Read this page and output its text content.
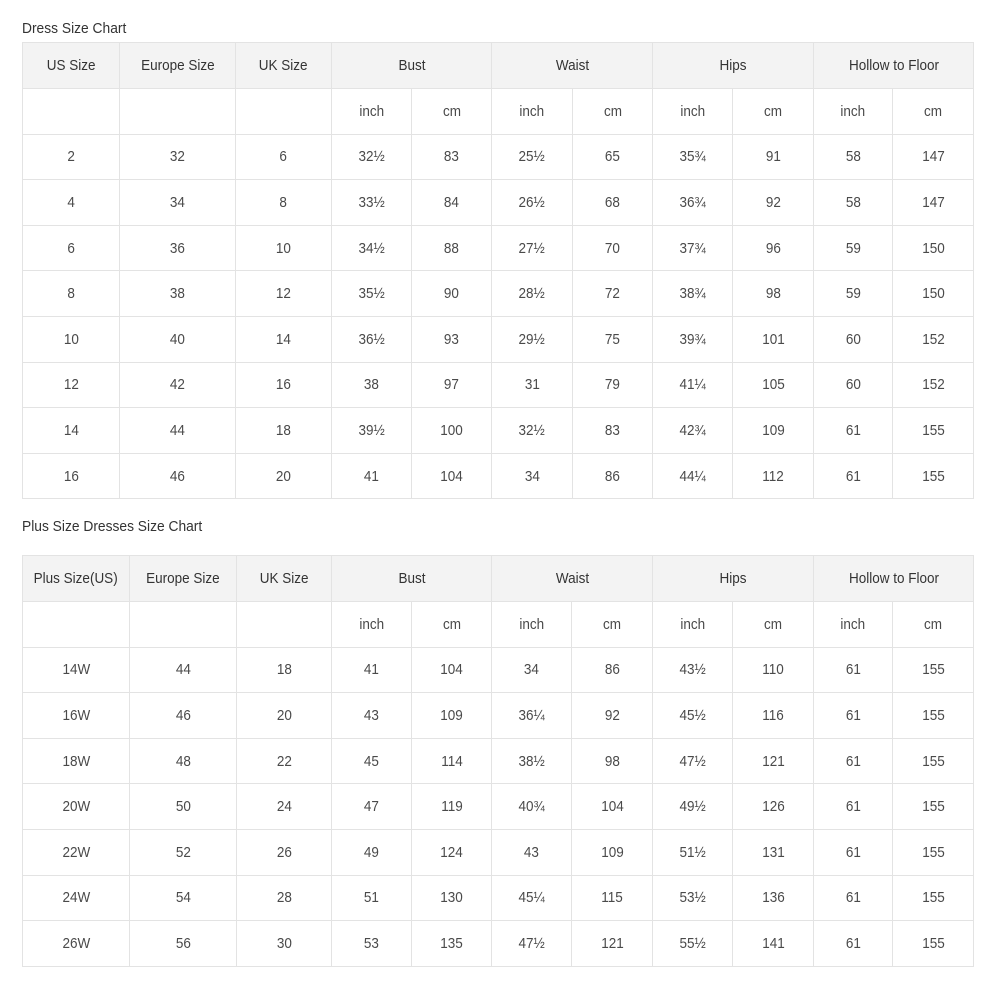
Dress Size Chart
US Size	Europe Size	UK Size	Bust		Waist		Hips		Hollow to Floor	
			inch	cm	inch	cm	inch	cm	inch	cm
2	32	6	32½	83	25½	65	35¾	91	58	147
4	34	8	33½	84	26½	68	36¾	92	58	147
6	36	10	34½	88	27½	70	37¾	96	59	150
8	38	12	35½	90	28½	72	38¾	98	59	150
10	40	14	36½	93	29½	75	39¾	101	60	152
12	42	16	38	97	31	79	41¼	105	60	152
14	44	18	39½	100	32½	83	42¾	109	61	155
16	46	20	41	104	34	86	44¼	112	61	155
Plus Size Dresses Size Chart
Plus Size(US)	Europe Size	UK Size	Bust		Waist		Hips		Hollow to Floor	
			inch	cm	inch	cm	inch	cm	inch	cm
14W	44	18	41	104	34	86	43½	110	61	155
16W	46	20	43	109	36¼	92	45½	116	61	155
18W	48	22	45	114	38½	98	47½	121	61	155
20W	50	24	47	119	40¾	104	49½	126	61	155
22W	52	26	49	124	43	109	51½	131	61	155
24W	54	28	51	130	45¼	115	53½	136	61	155
26W	56	30	53	135	47½	121	55½	141	61	155
